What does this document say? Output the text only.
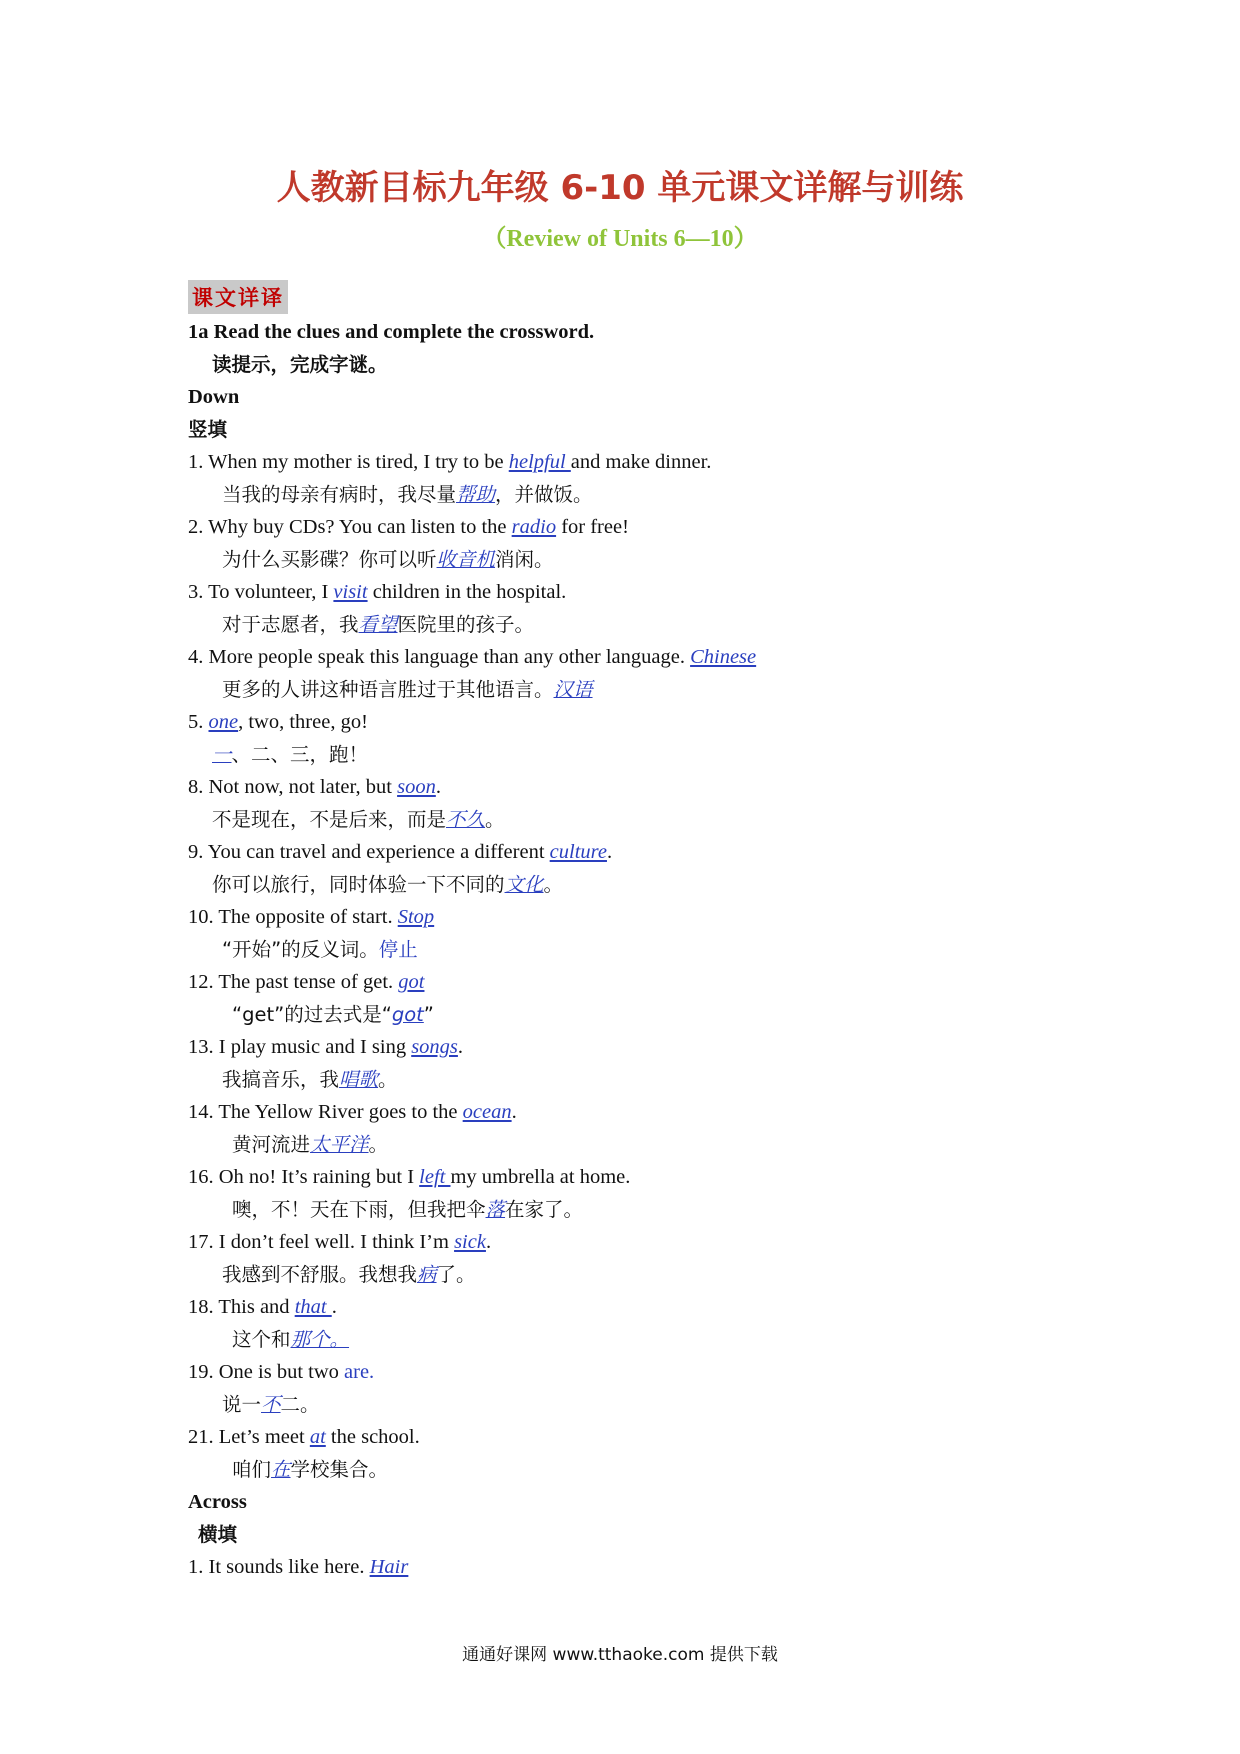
人教新目标九年级 6-10 单元课文详解与训练
（Review of Units 6—10）
课文详译
1a Read the clues and complete the crossword.
读提示，完成字谜。
Down
竖填
1. When my mother is tired, I try to be helpful and make dinner.
当我的母亲有病时，我尽量帮助，并做饭。
2. Why buy CDs? You can listen to the radio for free!
为什么买影碟？你可以听收音机消闲。
3. To volunteer, I visit children in the hospital.
对于志愿者，我看望医院里的孩子。
4. More people speak this language than any other language. Chinese
更多的人讲这种语言胜过于其他语言。汉语
5. one, two, three, go!
一、二、三，跑！
8. Not now, not later, but soon.
不是现在，不是后来，而是不久。
9. You can travel and experience a different culture.
你可以旅行，同时体验一下不同的文化。
10. The opposite of start. Stop
“开始”的反义词。停止
12. The past tense of get. got
“get”的过去式是“got”
13. I play music and I sing songs.
我搞音乐，我唱歌。
14. The Yellow River goes to the ocean.
黄河流进太平洋。
16. Oh no! It’s raining but I left my umbrella at home.
噢，不！天在下雨，但我把伞落在家了。
17. I don’t feel well. I think I’m sick.
我感到不舒服。我想我病了。
18. This and that .
这个和那个。
19. One is but two are.
说一不二。
21. Let’s meet at the school.
咱们在学校集合。
Across
横填
1. It sounds like here. Hair
通通好课网 www.tthaoke.com 提供下载
